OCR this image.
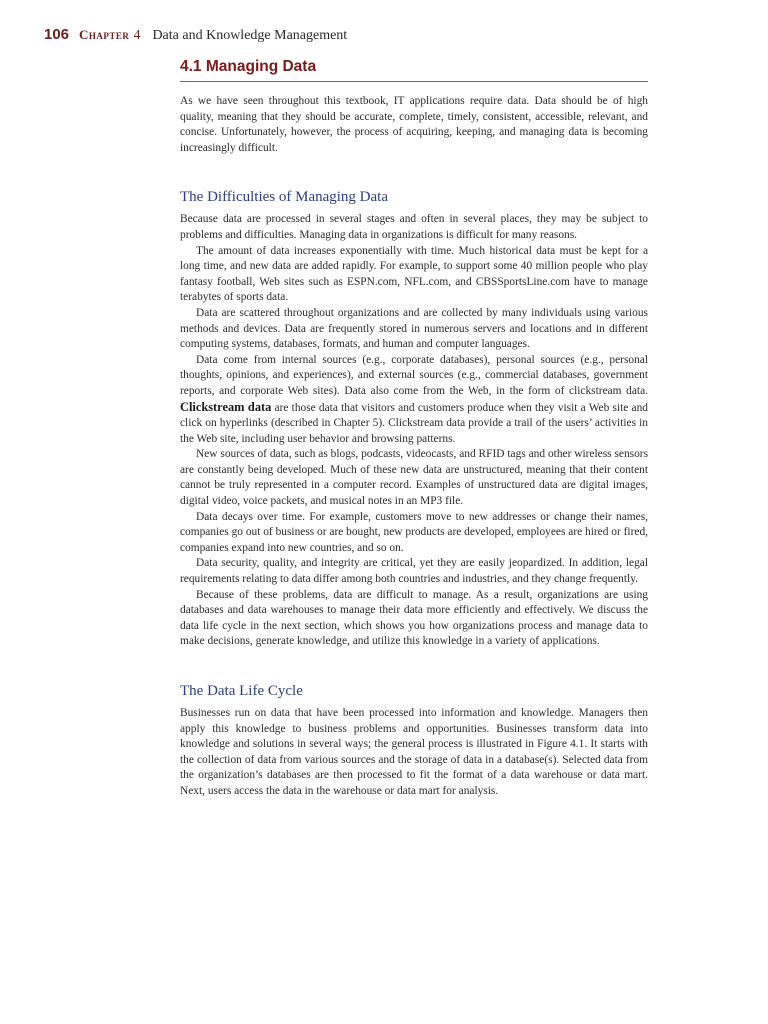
106 Chapter 4 Data and Knowledge Management
4.1 Managing Data

As we have seen throughout this textbook, IT applications require data. Data should be of high quality, meaning that they should be accurate, complete, timely, consistent, accessible, relevant, and concise. Unfortunately, however, the process of acquiring, keeping, and managing data is becoming increasingly difficult.

The Difficulties of Managing Data

Because data are processed in several stages and often in several places, they may be subject to problems and difficulties. Managing data in organizations is difficult for many reasons.

The amount of data increases exponentially with time. Much historical data must be kept for a long time, and new data are added rapidly. For example, to support some 40 million people who play fantasy football, Web sites such as ESPN.com, NFL.com, and CBSSportsLine.com have to manage terabytes of sports data.

Data are scattered throughout organizations and are collected by many individuals using various methods and devices. Data are frequently stored in numerous servers and locations and in different computing systems, databases, formats, and human and computer languages.

Data come from internal sources (e.g., corporate databases), personal sources (e.g., personal thoughts, opinions, and experiences), and external sources (e.g., commercial databases, government reports, and corporate Web sites). Data also come from the Web, in the form of clickstream data. Clickstream data are those data that visitors and customers produce when they visit a Web site and click on hyperlinks (described in Chapter 5). Clickstream data provide a trail of the users’ activities in the Web site, including user behavior and browsing patterns.

New sources of data, such as blogs, podcasts, videocasts, and RFID tags and other wireless sensors are constantly being developed. Much of these new data are unstructured, meaning that their content cannot be truly represented in a computer record. Examples of unstructured data are digital images, digital video, voice packets, and musical notes in an MP3 file.

Data decays over time. For example, customers move to new addresses or change their names, companies go out of business or are bought, new products are developed, employees are hired or fired, companies expand into new countries, and so on.

Data security, quality, and integrity are critical, yet they are easily jeopardized. In addition, legal requirements relating to data differ among both countries and industries, and they change frequently.

Because of these problems, data are difficult to manage. As a result, organizations are using databases and data warehouses to manage their data more efficiently and effectively. We discuss the data life cycle in the next section, which shows you how organizations process and manage data to make decisions, generate knowledge, and utilize this knowledge in a variety of applications.

The Data Life Cycle

Businesses run on data that have been processed into information and knowledge. Managers then apply this knowledge to business problems and opportunities. Businesses transform data into knowledge and solutions in several ways; the general process is illustrated in Figure 4.1. It starts with the collection of data from various sources and the storage of data in a database(s). Selected data from the organization’s databases are then processed to fit the format of a data warehouse or data mart. Next, users access the data in the warehouse or data mart for analysis.
